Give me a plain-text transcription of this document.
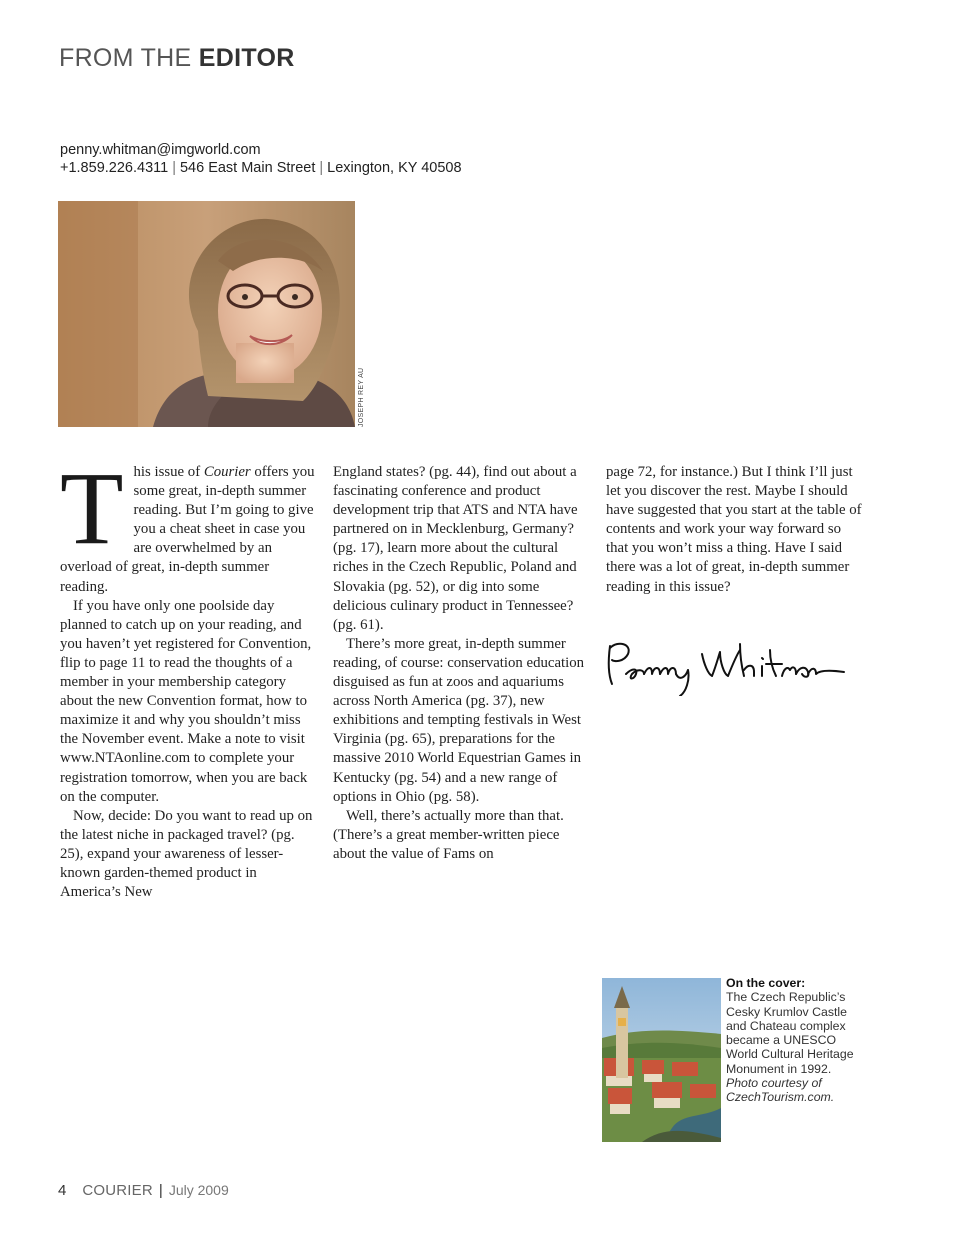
FROM THE EDITOR
penny.whitman@imgworld.com
+1.859.226.4311 | 546 East Main Street | Lexington, KY 40508
JOSEPH REY AU

This issue of Courier offers you some great, in-depth summer reading. But I’m going to give you a cheat sheet in case you are overwhelmed by an overload of great, in-depth summer reading.

If you have only one poolside day planned to catch up on your reading, and you haven’t yet registered for Convention, flip to page 11 to read the thoughts of a member in your membership category about the new Convention format, how to maximize it and why you shouldn’t miss the November event. Make a note to visit www.NTAonline.com to complete your registration tomorrow, when you are back on the computer.

Now, decide: Do you want to read up on the latest niche in packaged travel? (pg. 25), expand your awareness of lesser-known garden-themed product in America’s New

England states? (pg. 44), find out about a fascinating conference and product development trip that ATS and NTA have partnered on in Mecklenburg, Germany? (pg. 17), learn more about the cultural riches in the Czech Republic, Poland and Slovakia (pg. 52), or dig into some delicious culinary product in Tennessee? (pg. 61).

There’s more great, in-depth summer reading, of course: conservation education disguised as fun at zoos and aquariums across North America (pg. 37), new exhibitions and tempting festivals in West Virginia (pg. 65), preparations for the massive 2010 World Equestrian Games in Kentucky (pg. 54) and a new range of options in Ohio (pg. 58).

Well, there’s actually more than that. (There’s a great member-written piece about the value of Fams on

page 72, for instance.) But I think I’ll just let you discover the rest. Maybe I should have suggested that you start at the table of contents and work your way forward so that you won’t miss a thing. Have I said there was a lot of great, in-depth summer reading in this issue?

On the cover:
The Czech Republic’s Cesky Krumlov Castle and Chateau complex became a UNESCO World Cultural Heritage Monument in 1992. Photo courtesy of CzechTourism.com.
4 COURIER | July 2009
